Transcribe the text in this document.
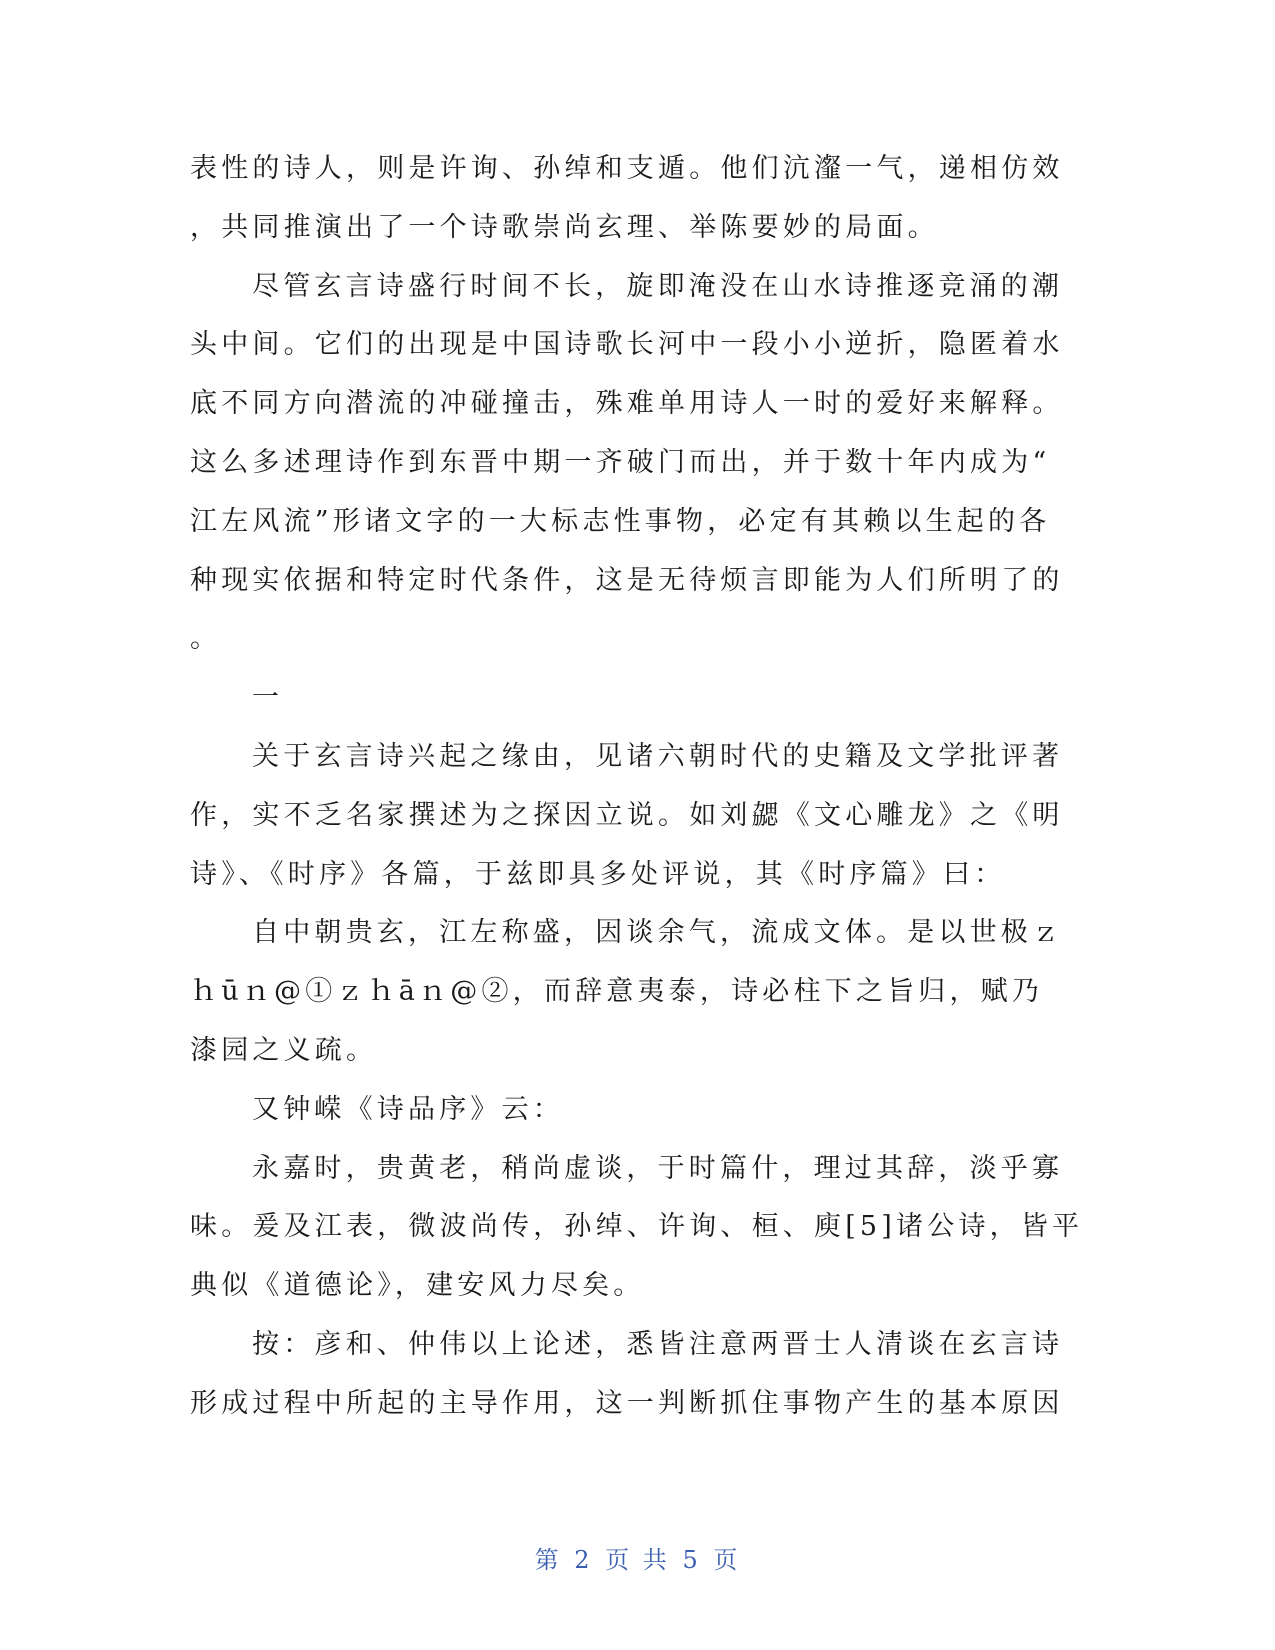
表性的诗人，则是许询、孙绰和支遁。他们沆瀣一气，递相仿效
，共同推演出了一个诗歌崇尚玄理、举陈要妙的局面。
尽管玄言诗盛行时间不长，旋即淹没在山水诗推逐竞涌的潮
头中间。它们的出现是中国诗歌长河中一段小小逆折，隐匿着水
底不同方向潜流的冲碰撞击，殊难单用诗人一时的爱好来解释。
这么多述理诗作到东晋中期一齐破门而出，并于数十年内成为“
江左风流”形诸文字的一大标志性事物，必定有其赖以生起的各
种现实依据和特定时代条件，这是无待烦言即能为人们所明了的
。
一
关于玄言诗兴起之缘由，见诸六朝时代的史籍及文学批评著
作，实不乏名家撰述为之探因立说。如刘勰《文心雕龙》之《明
诗》、《时序》各篇，于兹即具多处评说，其《时序篇》曰：
自中朝贵玄，江左称盛，因谈余气，流成文体。是以世极ｚ
ｈūｎ@①ｚｈāｎ@②，而辞意夷泰，诗必柱下之旨归，赋乃
漆园之义疏。
又钟嵘《诗品序》云：
永嘉时，贵黄老，稍尚虚谈，于时篇什，理过其辞，淡乎寡
味。爰及江表，微波尚传，孙绰、许询、桓、庾[5]诸公诗，皆平
典似《道德论》，建安风力尽矣。
按：彦和、仲伟以上论述，悉皆注意两晋士人清谈在玄言诗
形成过程中所起的主导作用，这一判断抓住事物产生的基本原因
第 2 页 共 5 页
